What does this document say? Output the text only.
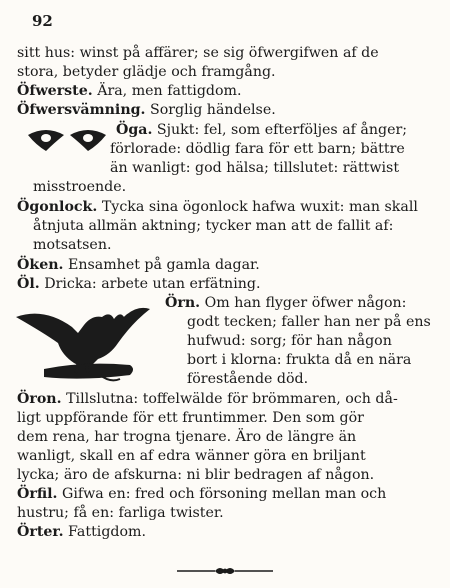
92
sitt hus: winst på affärer; se sig öfwergifwen af de
stora, betyder glädje och framgång.
Öfwerste. Ära, men fattigdom.
Öfwersvämning. Sorglig händelse.
Öga. Sjukt: fel, som efterföljes af ånger;
förlorade: dödlig fara för ett barn; bättre
än wanligt: god hälsa; tillslutet: rättwist
misstroende.
Ögonlock. Tycka sina ögonlock hafwa wuxit: man skall
åtnjuta allmän aktning; tycker man att de fallit af:
motsatsen.
Öken. Ensamhet på gamla dagar.
Öl. Dricka: arbete utan erfätning.
Örn. Om han flyger öfwer någon:
godt tecken; faller han ner på ens
hufwud: sorg; för han någon
bort i klorna: frukta då en nära
förestående död.
Öron. Tillslutna: toffelwälde för brömmaren, och då-
ligt uppförande för ett fruntimmer. Den som gör
dem rena, har trogna tjenare. Äro de längre än
wanligt, skall en af edra wänner göra en briljant
lycka; äro de afskurna: ni blir bedragen af någon.
Örfil. Gifwa en: fred och försoning mellan man och
hustru; få en: farliga twister.
Örter. Fattigdom.
